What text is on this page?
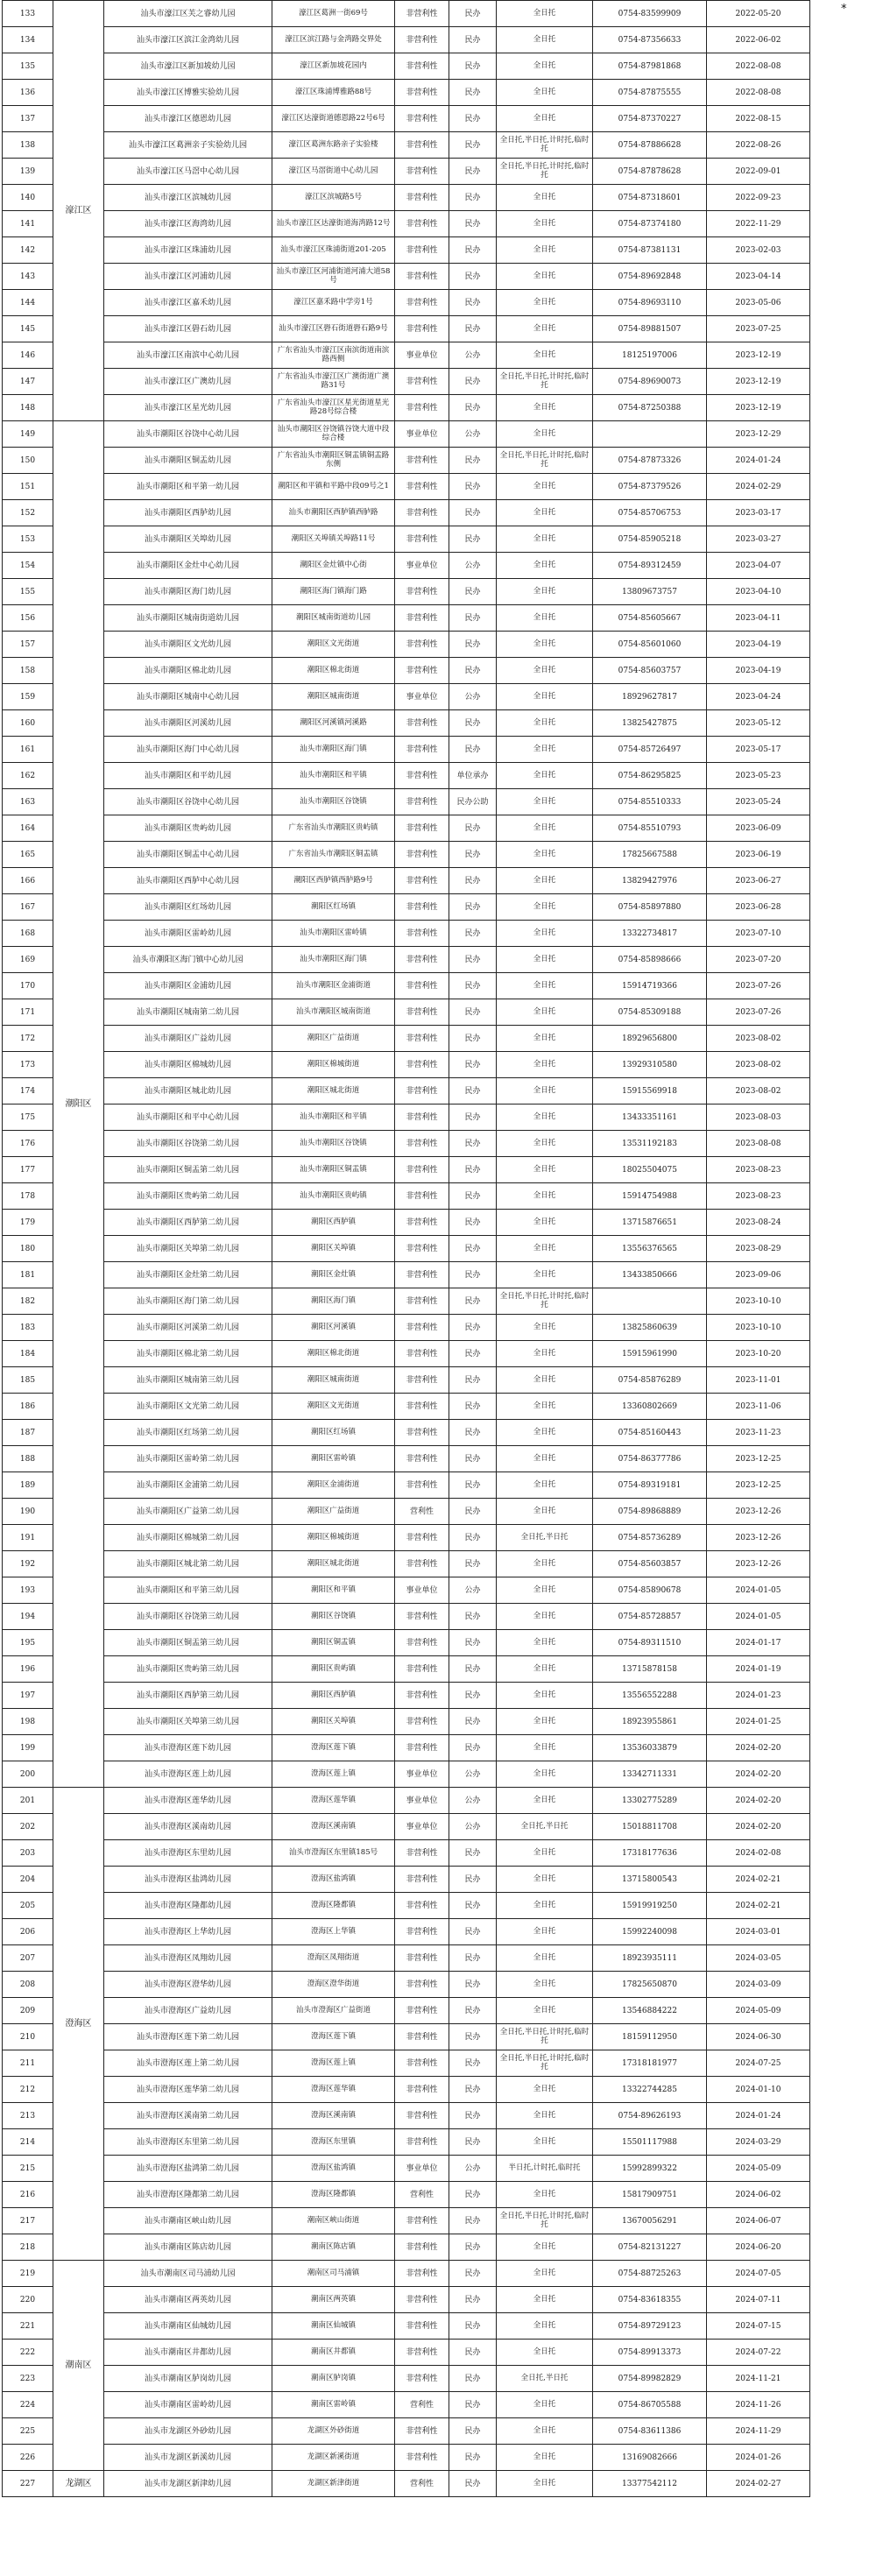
*
133	濠江区	汕头市濠江区芙之睿幼儿园	濠江区葛洲一街69号	非营利性	民办	全日托	0754-83599909	2022-05-20
134		汕头市濠江区滨江金湾幼儿园	濠江区滨江路与金湾路交界处	非营利性	民办	全日托	0754-87356633	2022-06-02
135		汕头市濠江区新加坡幼儿园	濠江区新加坡花园内	非营利性	民办	全日托	0754-87981868	2022-08-08
136		汕头市濠江区博雅实验幼儿园	濠江区珠浦博雅路88号	非营利性	民办	全日托	0754-87875555	2022-08-08
137		汕头市濠江区德恩幼儿园	濠江区达濠街道德恩路22号6号	非营利性	民办	全日托	0754-87370227	2022-08-15
138		汕头市濠江区葛洲亲子实验幼儿园	濠江区葛洲东路亲子实验楼	非营利性	民办	全日托,半日托,计时托,临时托	0754-87886628	2022-08-26
139		汕头市濠江区马滘中心幼儿园	濠江区马滘街道中心幼儿园	非营利性	民办	全日托,半日托,计时托,临时托	0754-87878628	2022-09-01
140		汕头市濠江区滨城幼儿园	濠江区滨城路5号	非营利性	民办	全日托	0754-87318601	2022-09-23
141		汕头市濠江区海湾幼儿园	汕头市濠江区达濠街道海湾路12号	非营利性	民办	全日托	0754-87374180	2022-11-29
142		汕头市濠江区珠浦幼儿园	汕头市濠江区珠浦街道201-205	非营利性	民办	全日托	0754-87381131	2023-02-03
143		汕头市濠江区河浦幼儿园	汕头市濠江区河浦街道河浦大道58号	非营利性	民办	全日托	0754-89692848	2023-04-14
144		汕头市濠江区嘉禾幼儿园	濠江区嘉禾路中学旁1号	非营利性	民办	全日托	0754-89693110	2023-05-06
145		汕头市濠江区礐石幼儿园	汕头市濠江区礐石街道礐石路9号	非营利性	民办	全日托	0754-89881507	2023-07-25
146		汕头市濠江区南滨中心幼儿园	广东省汕头市濠江区南滨街道南滨路西侧	事业单位	公办	全日托	18125197006	2023-12-19
147		汕头市濠江区广澳幼儿园	广东省汕头市濠江区广澳街道广澳路31号	非营利性	民办	全日托,半日托,计时托,临时托	0754-89690073	2023-12-19
148		汕头市濠江区星光幼儿园	广东省汕头市濠江区星光街道星光路28号综合楼	非营利性	民办	全日托	0754-87250388	2023-12-19
149	潮阳区	汕头市潮阳区谷饶中心幼儿园	汕头市潮阳区谷饶镇谷饶大道中段综合楼	事业单位	公办	全日托		2023-12-29
150		汕头市潮阳区铜盂幼儿园	广东省汕头市潮阳区铜盂镇铜盂路东侧	非营利性	民办	全日托,半日托,计时托,临时托	0754-87873326	2024-01-24
151		汕头市潮阳区和平第一幼儿园	潮阳区和平镇和平路中段09号之1	非营利性	民办	全日托	0754-87379526	2024-02-29
152		汕头市潮阳区西胪幼儿园	汕头市潮阳区西胪镇西胪路	非营利性	民办	全日托	0754-85706753	2023-03-17
153		汕头市潮阳区关埠幼儿园	潮阳区关埠镇关埠路11号	非营利性	民办	全日托	0754-85905218	2023-03-27
154		汕头市潮阳区金灶中心幼儿园	潮阳区金灶镇中心街	事业单位	公办	全日托	0754-89312459	2023-04-07
155		汕头市潮阳区海门幼儿园	潮阳区海门镇海门路	非营利性	民办	全日托	13809673757	2023-04-10
156		汕头市潮阳区城南街道幼儿园	潮阳区城南街道幼儿园	非营利性	民办	全日托	0754-85605667	2023-04-11
157		汕头市潮阳区文光幼儿园	潮阳区文光街道	非营利性	民办	全日托	0754-85601060	2023-04-19
158		汕头市潮阳区棉北幼儿园	潮阳区棉北街道	非营利性	民办	全日托	0754-85603757	2023-04-19
159		汕头市潮阳区城南中心幼儿园	潮阳区城南街道	事业单位	公办	全日托	18929627817	2023-04-24
160		汕头市潮阳区河溪幼儿园	潮阳区河溪镇河溪路	非营利性	民办	全日托	13825427875	2023-05-12
161		汕头市潮阳区海门中心幼儿园	汕头市潮阳区海门镇	非营利性	民办	全日托	0754-85726497	2023-05-17
162		汕头市潮阳区和平幼儿园	汕头市潮阳区和平镇	非营利性	单位承办	全日托	0754-86295825	2023-05-23
163		汕头市潮阳区谷饶中心幼儿园	汕头市潮阳区谷饶镇	非营利性	民办公助	全日托	0754-85510333	2023-05-24
164		汕头市潮阳区贵屿幼儿园	广东省汕头市潮阳区贵屿镇	非营利性	民办	全日托	0754-85510793	2023-06-09
165		汕头市潮阳区铜盂中心幼儿园	广东省汕头市潮阳区铜盂镇	非营利性	民办	全日托	17825667588	2023-06-19
166		汕头市潮阳区西胪中心幼儿园	潮阳区西胪镇西胪路9号	非营利性	民办	全日托	13829427976	2023-06-27
167		汕头市潮阳区红场幼儿园	潮阳区红场镇	非营利性	民办	全日托	0754-85897880	2023-06-28
168		汕头市潮阳区雷岭幼儿园	汕头市潮阳区雷岭镇	非营利性	民办	全日托	13322734817	2023-07-10
169		汕头市潮阳区海门镇中心幼儿园	汕头市潮阳区海门镇	非营利性	民办	全日托	0754-85898666	2023-07-20
170		汕头市潮阳区金浦幼儿园	汕头市潮阳区金浦街道	非营利性	民办	全日托	15914719366	2023-07-26
171		汕头市潮阳区城南第二幼儿园	汕头市潮阳区城南街道	非营利性	民办	全日托	0754-85309188	2023-07-26
172		汕头市潮阳区广益幼儿园	潮阳区广益街道	非营利性	民办	全日托	18929656800	2023-08-02
173		汕头市潮阳区棉城幼儿园	潮阳区棉城街道	非营利性	民办	全日托	13929310580	2023-08-02
174		汕头市潮阳区城北幼儿园	潮阳区城北街道	非营利性	民办	全日托	15915569918	2023-08-02
175		汕头市潮阳区和平中心幼儿园	汕头市潮阳区和平镇	非营利性	民办	全日托	13433351161	2023-08-03
176		汕头市潮阳区谷饶第二幼儿园	汕头市潮阳区谷饶镇	非营利性	民办	全日托	13531192183	2023-08-08
177		汕头市潮阳区铜盂第二幼儿园	汕头市潮阳区铜盂镇	非营利性	民办	全日托	18025504075	2023-08-23
178		汕头市潮阳区贵屿第二幼儿园	汕头市潮阳区贵屿镇	非营利性	民办	全日托	15914754988	2023-08-23
179		汕头市潮阳区西胪第二幼儿园	潮阳区西胪镇	非营利性	民办	全日托	13715876651	2023-08-24
180		汕头市潮阳区关埠第二幼儿园	潮阳区关埠镇	非营利性	民办	全日托	13556376565	2023-08-29
181		汕头市潮阳区金灶第二幼儿园	潮阳区金灶镇	非营利性	民办	全日托	13433850666	2023-09-06
182		汕头市潮阳区海门第二幼儿园	潮阳区海门镇	非营利性	民办	全日托,半日托,计时托,临时托		2023-10-10
183		汕头市潮阳区河溪第二幼儿园	潮阳区河溪镇	非营利性	民办	全日托	13825860639	2023-10-10
184		汕头市潮阳区棉北第二幼儿园	潮阳区棉北街道	非营利性	民办	全日托	15915961990	2023-10-20
185		汕头市潮阳区城南第三幼儿园	潮阳区城南街道	非营利性	民办	全日托	0754-85876289	2023-11-01
186		汕头市潮阳区文光第二幼儿园	潮阳区文光街道	非营利性	民办	全日托	13360802669	2023-11-06
187		汕头市潮阳区红场第二幼儿园	潮阳区红场镇	非营利性	民办	全日托	0754-85160443	2023-11-23
188		汕头市潮阳区雷岭第二幼儿园	潮阳区雷岭镇	非营利性	民办	全日托	0754-86377786	2023-12-25
189		汕头市潮阳区金浦第二幼儿园	潮阳区金浦街道	非营利性	民办	全日托	0754-89319181	2023-12-25
190		汕头市潮阳区广益第二幼儿园	潮阳区广益街道	营利性	民办	全日托	0754-89868889	2023-12-26
191		汕头市潮阳区棉城第二幼儿园	潮阳区棉城街道	非营利性	民办	全日托,半日托	0754-85736289	2023-12-26
192		汕头市潮阳区城北第二幼儿园	潮阳区城北街道	非营利性	民办	全日托	0754-85603857	2023-12-26
193		汕头市潮阳区和平第三幼儿园	潮阳区和平镇	事业单位	公办	全日托	0754-85890678	2024-01-05
194		汕头市潮阳区谷饶第三幼儿园	潮阳区谷饶镇	非营利性	民办	全日托	0754-85728857	2024-01-05
195		汕头市潮阳区铜盂第三幼儿园	潮阳区铜盂镇	非营利性	民办	全日托	0754-89311510	2024-01-17
196		汕头市潮阳区贵屿第三幼儿园	潮阳区贵屿镇	非营利性	民办	全日托	13715878158	2024-01-19
197		汕头市潮阳区西胪第三幼儿园	潮阳区西胪镇	非营利性	民办	全日托	13556552288	2024-01-23
198		汕头市潮阳区关埠第三幼儿园	潮阳区关埠镇	非营利性	民办	全日托	18923955861	2024-01-25
199		汕头市澄海区莲下幼儿园	澄海区莲下镇	非营利性	民办	全日托	13536033879	2024-02-20
200		汕头市澄海区莲上幼儿园	澄海区莲上镇	事业单位	公办	全日托	13342711331	2024-02-20
201	澄海区	汕头市澄海区莲华幼儿园	澄海区莲华镇	事业单位	公办	全日托	13302775289	2024-02-20
202		汕头市澄海区溪南幼儿园	澄海区溪南镇	事业单位	公办	全日托,半日托	15018811708	2024-02-20
203		汕头市澄海区东里幼儿园	汕头市澄海区东里镇185号	非营利性	民办	全日托	17318177636	2024-02-08
204		汕头市澄海区盐鸿幼儿园	澄海区盐鸿镇	非营利性	民办	全日托	13715800543	2024-02-21
205		汕头市澄海区隆都幼儿园	澄海区隆都镇	非营利性	民办	全日托	15919919250	2024-02-21
206		汕头市澄海区上华幼儿园	澄海区上华镇	非营利性	民办	全日托	15992240098	2024-03-01
207		汕头市澄海区凤翔幼儿园	澄海区凤翔街道	非营利性	民办	全日托	18923935111	2024-03-05
208		汕头市澄海区澄华幼儿园	澄海区澄华街道	非营利性	民办	全日托	17825650870	2024-03-09
209		汕头市澄海区广益幼儿园	汕头市澄海区广益街道	非营利性	民办	全日托	13546884222	2024-05-09
210		汕头市澄海区莲下第二幼儿园	澄海区莲下镇	非营利性	民办	全日托,半日托,计时托,临时托	18159112950	2024-06-30
211		汕头市澄海区莲上第二幼儿园	澄海区莲上镇	非营利性	民办	全日托,半日托,计时托,临时托	17318181977	2024-07-25
212		汕头市澄海区莲华第二幼儿园	澄海区莲华镇	非营利性	民办	全日托	13322744285	2024-01-10
213		汕头市澄海区溪南第二幼儿园	澄海区溪南镇	非营利性	民办	全日托	0754-89626193	2024-01-24
214		汕头市澄海区东里第二幼儿园	澄海区东里镇	非营利性	民办	全日托	15501117988	2024-03-29
215		汕头市澄海区盐鸿第二幼儿园	澄海区盐鸿镇	事业单位	公办	半日托,计时托,临时托	15992899322	2024-05-09
216		汕头市澄海区隆都第二幼儿园	澄海区隆都镇	营利性	民办	全日托	15817909751	2024-06-02
217		汕头市潮南区峡山幼儿园	潮南区峡山街道	非营利性	民办	全日托,半日托,计时托,临时托	13670056291	2024-06-07
218		汕头市潮南区陈店幼儿园	潮南区陈店镇	非营利性	民办	全日托	0754-82131227	2024-06-20
219	潮南区	汕头市潮南区司马浦幼儿园	潮南区司马浦镇	非营利性	民办	全日托	0754-88725263	2024-07-05
220		汕头市潮南区两英幼儿园	潮南区两英镇	非营利性	民办	全日托	0754-83618355	2024-07-11
221		汕头市潮南区仙城幼儿园	潮南区仙城镇	非营利性	民办	全日托	0754-89729123	2024-07-15
222		汕头市潮南区井都幼儿园	潮南区井都镇	非营利性	民办	全日托	0754-89913373	2024-07-22
223		汕头市潮南区胪岗幼儿园	潮南区胪岗镇	非营利性	民办	全日托,半日托	0754-89982829	2024-11-21
224		汕头市潮南区雷岭幼儿园	潮南区雷岭镇	营利性	民办	全日托	0754-86705588	2024-11-26
225		汕头市龙湖区外砂幼儿园	龙湖区外砂街道	非营利性	民办	全日托	0754-83611386	2024-11-29
226		汕头市龙湖区新溪幼儿园	龙湖区新溪街道	非营利性	民办	全日托	13169082666	2024-01-26
227	龙湖区	汕头市龙湖区新津幼儿园	龙湖区新津街道	营利性	民办	全日托	13377542112	2024-02-27
